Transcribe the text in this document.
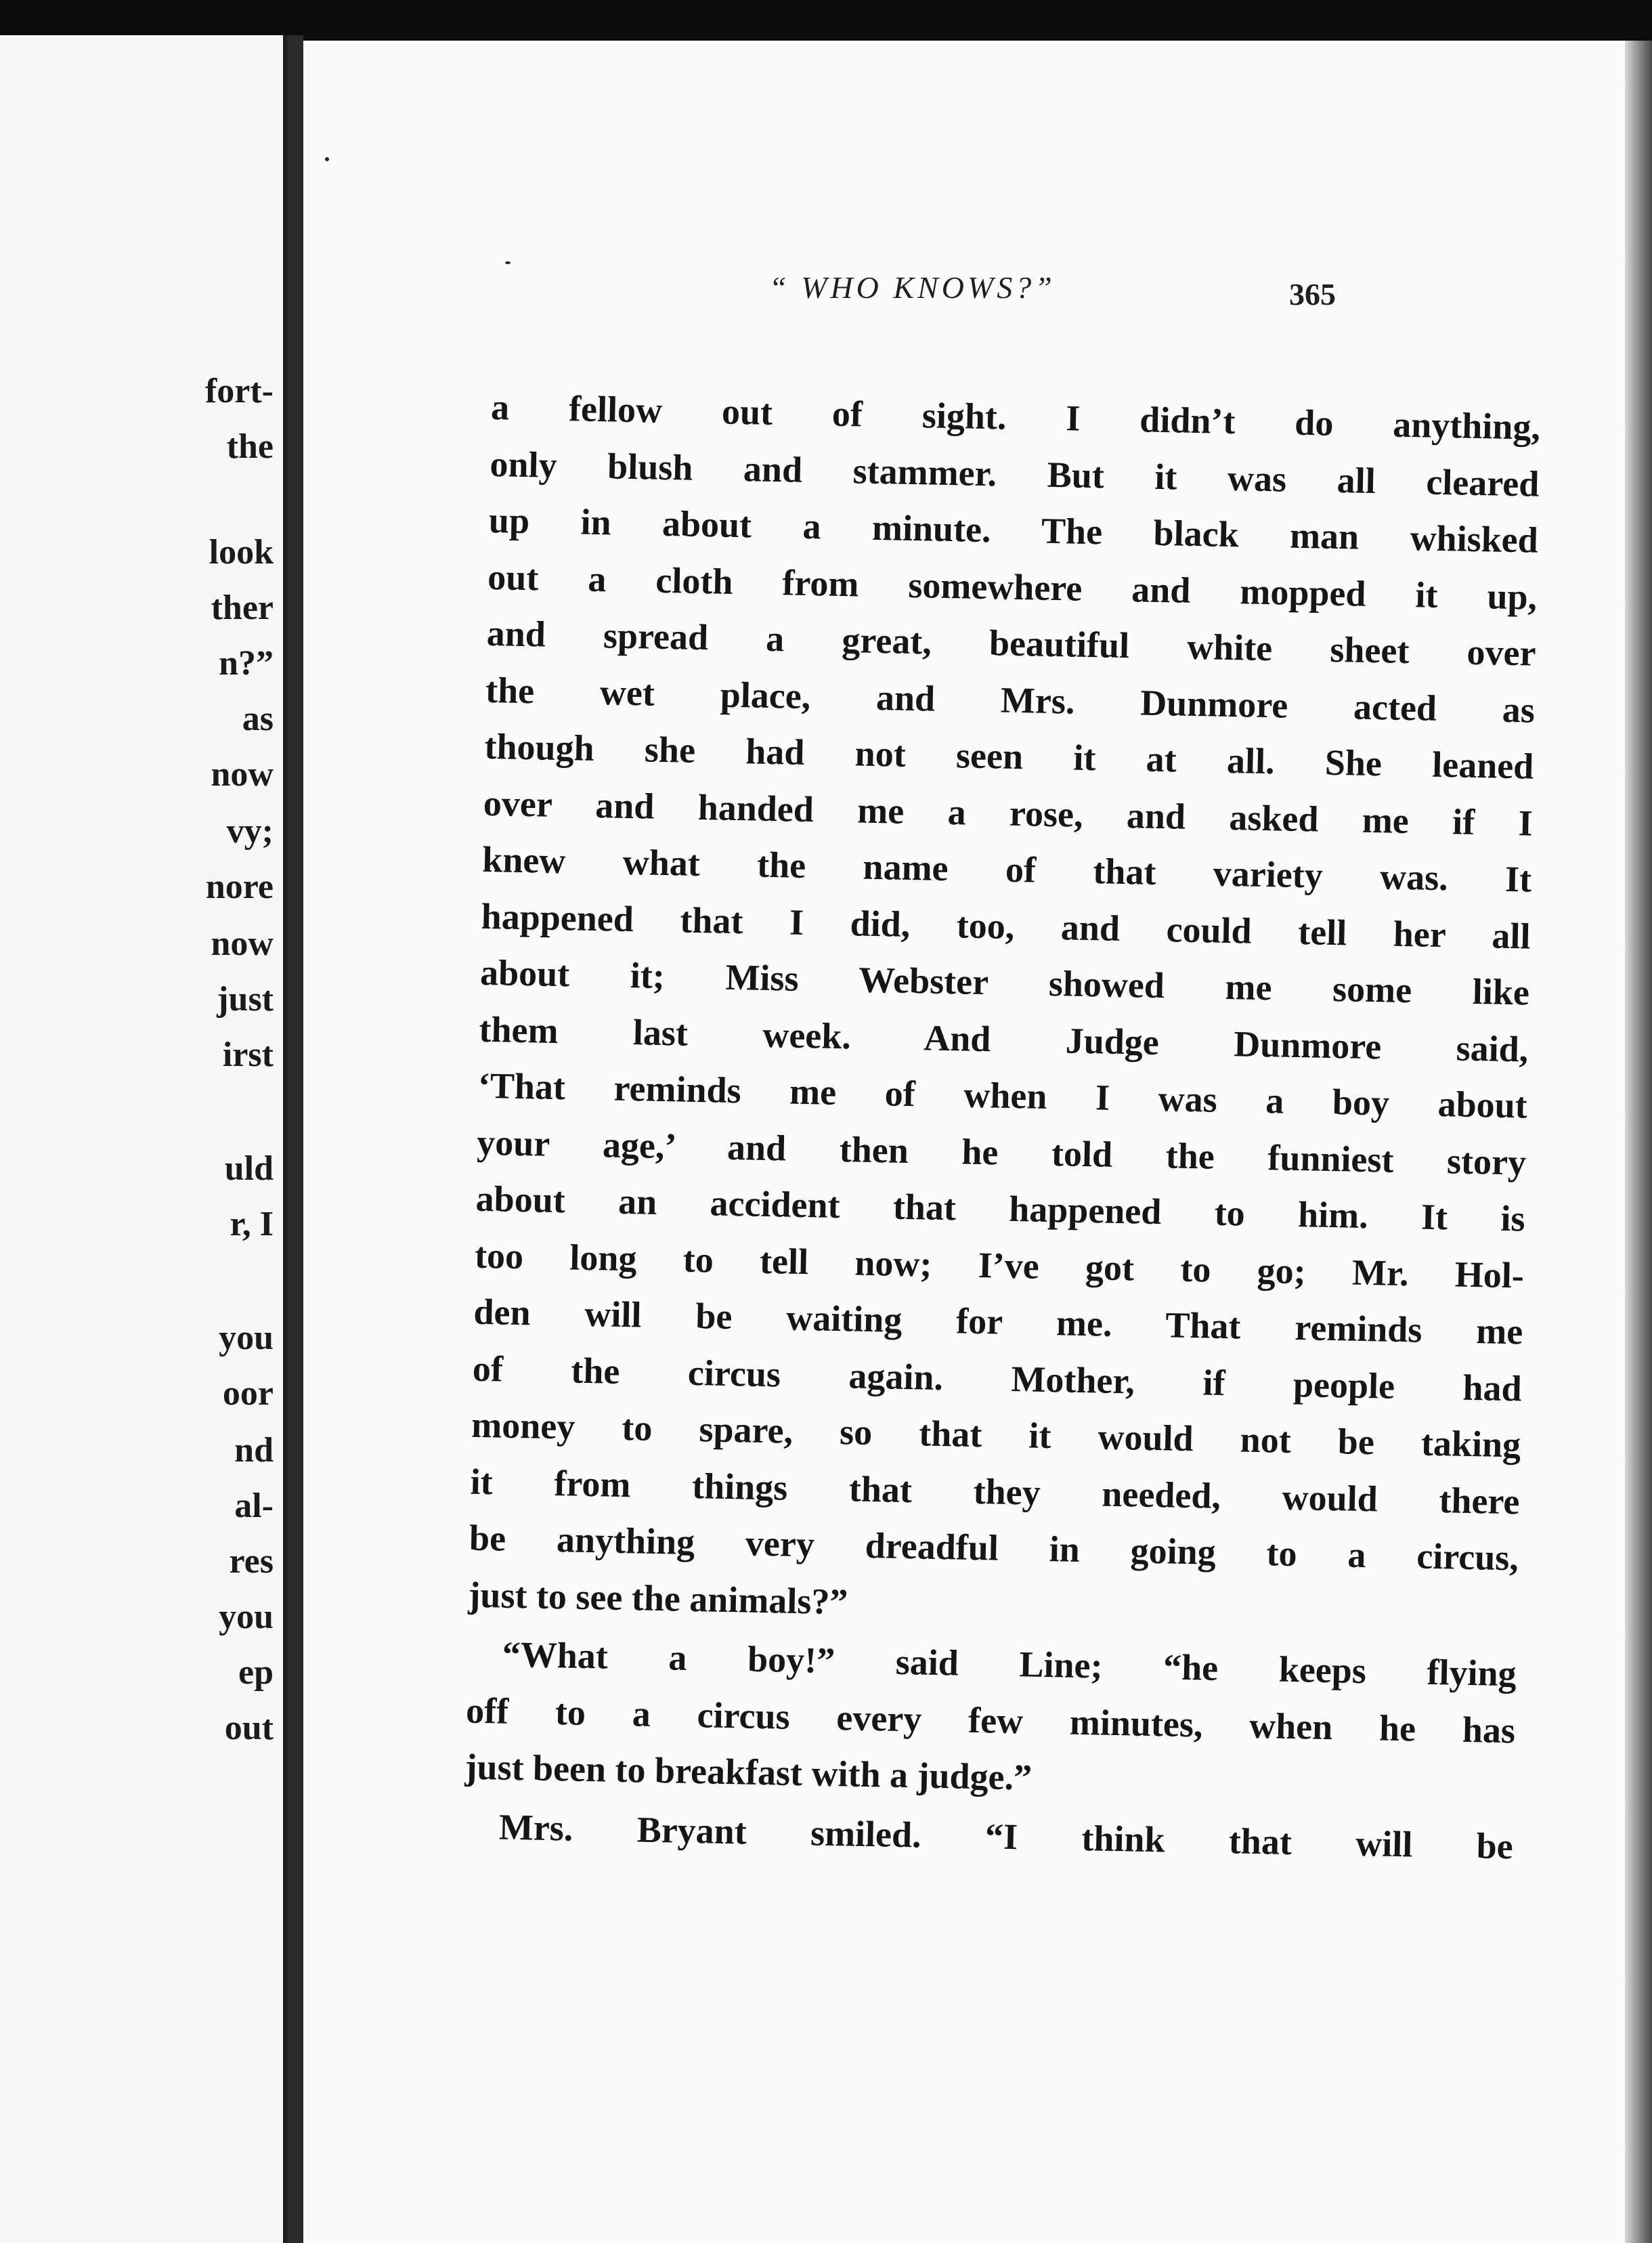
fort-
the
look
ther
n?”
as
now
vy;
nore
now
just
irst
uld
r, I
you
oor
nd
al-
res
you
ep
out
“ WHO KNOWS?”	365
a fellow out of sight. I didn’t do anything,
only blush and stammer. But it was all cleared
up in about a minute. The black man whisked
out a cloth from somewhere and mopped it up,
and spread a great, beautiful white sheet over
the wet place, and Mrs. Dunmore acted as
though she had not seen it at all. She leaned
over and handed me a rose, and asked me if I
knew what the name of that variety was. It
happened that I did, too, and could tell her all
about it; Miss Webster showed me some like
them last week. And Judge Dunmore said,
‘That reminds me of when I was a boy about
your age,’ and then he told the funniest story
about an accident that happened to him. It is
too long to tell now; I’ve got to go; Mr. Hol-
den will be waiting for me. That reminds me
of the circus again. Mother, if people had
money to spare, so that it would not be taking
it from things that they needed, would there
be anything very dreadful in going to a circus,
just to see the animals?”
“What a boy!” said Line; “he keeps flying
off to a circus every few minutes, when he has
just been to breakfast with a judge.”
Mrs. Bryant smiled. “I think that will be
